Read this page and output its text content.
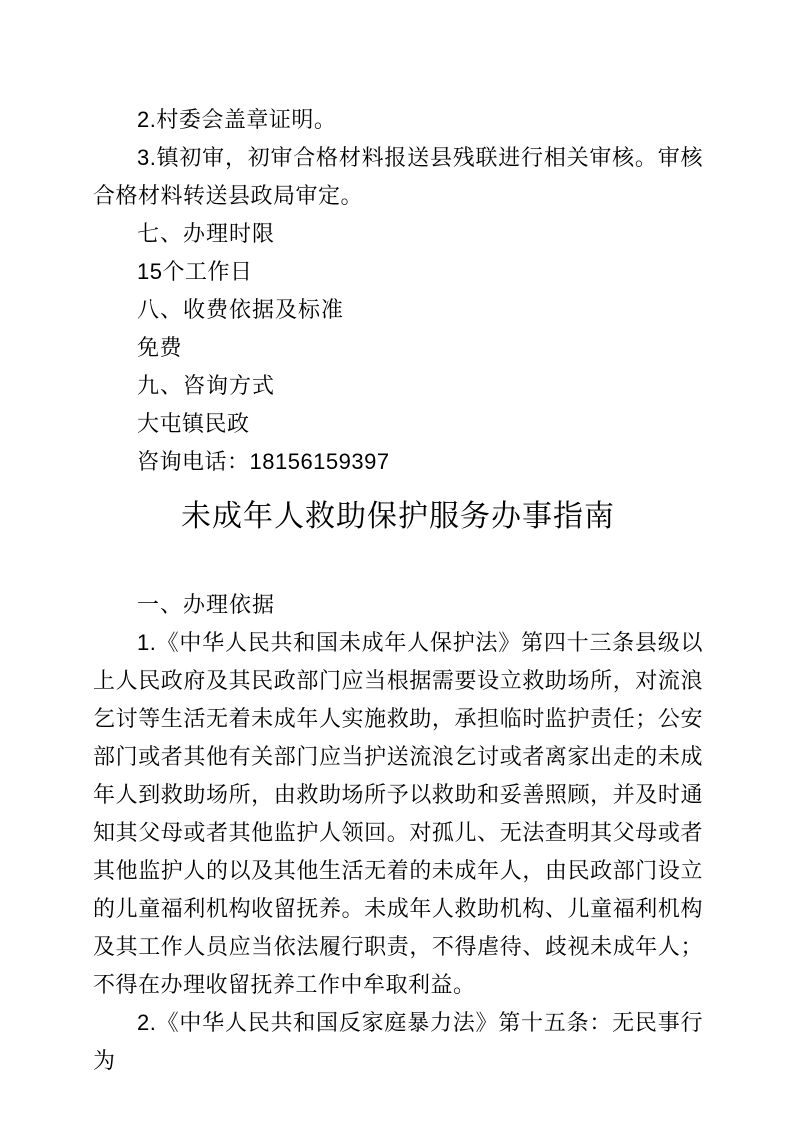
2.村委会盖章证明。

3.镇初审，初审合格材料报送县残联进行相关审核。审核合格材料转送县政局审定。

七、办理时限

15个工作日

八、收费依据及标准

免费

九、咨询方式

大屯镇民政

咨询电话：18156159397

未成年人救助保护服务办事指南

一、办理依据

1.《中华人民共和国未成年人保护法》第四十三条县级以上人民政府及其民政部门应当根据需要设立救助场所，对流浪乞讨等生活无着未成年人实施救助，承担临时监护责任；公安部门或者其他有关部门应当护送流浪乞讨或者离家出走的未成年人到救助场所，由救助场所予以救助和妥善照顾，并及时通知其父母或者其他监护人领回。对孤儿、无法查明其父母或者其他监护人的以及其他生活无着的未成年人，由民政部门设立的儿童福利机构收留抚养。未成年人救助机构、儿童福利机构及其工作人员应当依法履行职责，不得虐待、歧视未成年人；不得在办理收留抚养工作中牟取利益。

2.《中华人民共和国反家庭暴力法》第十五条：无民事行为
